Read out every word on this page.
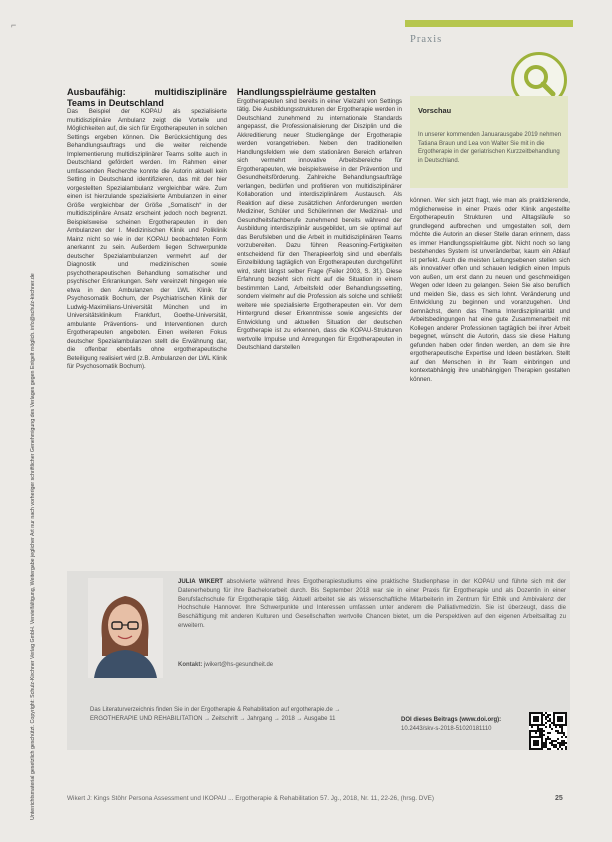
⌐
Unterrichtsmaterial gesetzlich geschützt. Copyright: Schulz-Kirchner Verlag GmbH. Vervielfältigung, Weitergabe jeglicher Art nur nach vorheriger schriftlicher Genehmigung des Verlages gegen Entgelt möglich. info@schulz-kirchner.de
Praxis
Ausbaufähig: multidisziplinäre Teams in Deutschland

Das Beispiel der KOPAU als spezialisierte multidisziplinäre Ambulanz zeigt die Vorteile und Möglichkeiten auf, die sich für Ergotherapeuten in solchen Settings ergeben können. Die Berücksichtigung des Behandlungsauftrags und die weiter reichende Implementierung multidisziplinärer Teams sollte auch in Deutschland gefördert werden. Im Rahmen einer umfassenden Recherche konnte die Autorin aktuell kein Setting in Deutschland identifizieren, das mit der hier vorgestellten Spezialambulanz vergleichbar wäre. Zum einen ist hierzulande spezialisierte Ambulanzen in einer Größe vergleichbar der Größe „Somatisch“ in der multidisziplinäre Ansatz erscheint jedoch noch begrenzt. Beispielsweise scheinen Ergotherapeuten in den Ambulanzen der I. Medizinischen Klinik und Poliklinik Mainz nicht so wie in der KOPAU beobachteten Form anerkannt zu sein. Außerdem liegen Schwerpunkte deutscher Spezialambulanzen vermehrt auf der Diagnostik und medizinischen sowie psychotherapeutischen Behandlung somatischer und psychischer Erkrankungen. Sehr vereinzelt hingegen wie etwa in den Ambulanzen der LWL Klinik für Psychosomatik Bochum, der Psychiatrischen Klinik der Ludwig-Maximilians-Universität München und im Universitätsklinikum Frankfurt, Goethe-Universität, ambulante Präventions- und Interventionen durch Ergotherapeuten angeboten. Einen weiteren Fokus deutscher Spezialambulanzen stellt die Erwähnung dar, die offenbar ebenfalls ohne ergotherapeutische Beteiligung realisiert wird (z.B. Ambulanzen der LWL Klinik für Psychosomatik Bochum).

Handlungsspielräume gestalten

Ergotherapeuten sind bereits in einer Vielzahl von Settings tätig. Die Ausbildungsstrukturen der Ergotherapie werden in Deutschland zunehmend zu internationale Standards angepasst, die Professionalisierung der Disziplin und die Akkreditierung neuer Studiengänge der Ergotherapie werden vorangetrieben. Neben den traditionellen Handlungsfeldern wie dem stationären Bereich erfahren sich vermehrt innovative Arbeitsbereiche für Ergotherapeuten, wie beispielsweise in der Prävention und Gesundheitsförderung. Zahlreiche Behandlungsaufträge verlangen, bedürfen und profitieren von multidisziplinärer Kollaboration und interdisziplinärem Austausch. Als Reaktion auf diese zusätzlichen Anforderungen werden Mediziner, Schüler und Schülerinnen der Medizinal- und Gesundheitsfachberufe zunehmend bereits während der Ausbildung interdisziplinär ausgebildet, um sie optimal auf das Berufsleben und die Arbeit in multidisziplinären Teams vorzubereiten. Dazu führen Reasoning-Fertigkeiten entscheidend für den Therapieerfolg sind und ebenfalls Einzelbildung tagtäglich von Ergotherapeuten durchgeführt wird, steht längst selber Frage (Feiler 2003, S. 3f.). Diese Erfahrung bezieht sich nicht auf die Situation in einem bestimmten Land, Arbeitsfeld oder Behandlungssetting, sondern vielmehr auf die Profession als solche und schließt weitere wie spezialisierte Ergotherapeuten ein. Vor dem Hintergrund dieser Erkenntnisse sowie angesichts der Entwicklung und aktuellen Situation der deutschen Ergotherapie ist zu erkennen, dass die KOPAU-Strukturen wertvolle Impulse und Anregungen für Ergotherapeuten in Deutschland darstellen

Vorschau

In unserer kommenden Januarausgabe 2019 nehmen Tatiana Braun und Lea von Walter Sie mit in die Ergotherapie in der geriatrischen Kurzzeitbehandlung in Deutschland.

können. Wer sich jetzt fragt, wie man als praktizierende, möglicherweise in einer Praxis oder Klinik angestellte Ergotherapeutin Strukturen und Alltagsläufe so grundlegend aufbrechen und umgestalten soll, dem möchte die Autorin an dieser Stelle daran erinnern, dass es immer Handlungsspielräume gibt. Nicht noch so lang bestehendes System ist unveränderbar, kaum ein Ablauf ist perfekt. Auch die meisten Leitungsebenen stellen sich als innovativer offen und schauen lediglich einen Impuls von außen, um erst dann zu neuen und geschmeidigen Wegen oder Ideen zu gelangen. Seien Sie also beruflich und meiden Sie, dass es sich lohnt. Veränderung und Entwicklung zu beginnen und voranzugehen. Und demnächst, denn das Thema Interdisziplinarität und Arbeitsbedingungen hat eine gute Zusammenarbeit mit Kollegen anderer Professionen tagtäglich bei ihrer Arbeit begegnet, wünscht die Autorin, dass sie diese Haltung gefunden haben oder finden werden, an dem sie ihre ergotherapeutische Expertise und Ideen bestärken. Stellt auf den Menschen in ihr Team einbringen und kontextabhängig ihre unabhängigen Therapien gestalten können.

JULIA WIKERT absolvierte während ihres Ergotherapiestudiums eine praktische Studienphase in der KOPAU und führte sich mit der Datenerhebung für ihre Bachelorarbeit durch. Bis September 2018 war sie in einer Praxis für Ergotherapie und als Dozentin in einer Berufsfachschule für Ergotherapie tätig. Aktuell arbeitet sie als wissenschaftliche Mitarbeiterin im Zentrum für Ethik und Ambivalenz der Hochschule Hannover. Ihre Schwerpunkte und Interessen umfassen unter anderem die Palliativmedizin. Sie ist überzeugt, dass die Beschäftigung mit anderen Kulturen und Gesellschaften wertvolle Chancen bietet, um die Perspektiven auf den eigenen Arbeitsalltag zu erweitern.
Kontakt: jwikert@hs-gesundheit.de
Das Literaturverzeichnis finden Sie in der Ergotherapie & Rehabilitation auf ergotherapie.de → ERGOTHERAPIE UND REHABILITATION → Zeitschrift → Jahrgang → 2018 → Ausgabe 11	DOI dieses Beitrags (www.doi.org):
10.2443/skv-s-2018-51020181110
Wikert J: Kings Stöhr Persona Assessment und IKOPAU ... Ergotherapie & Rehabilitation 57. Jg., 2018, Nr. 11, 22-26, (hrsg. DVE)	25
